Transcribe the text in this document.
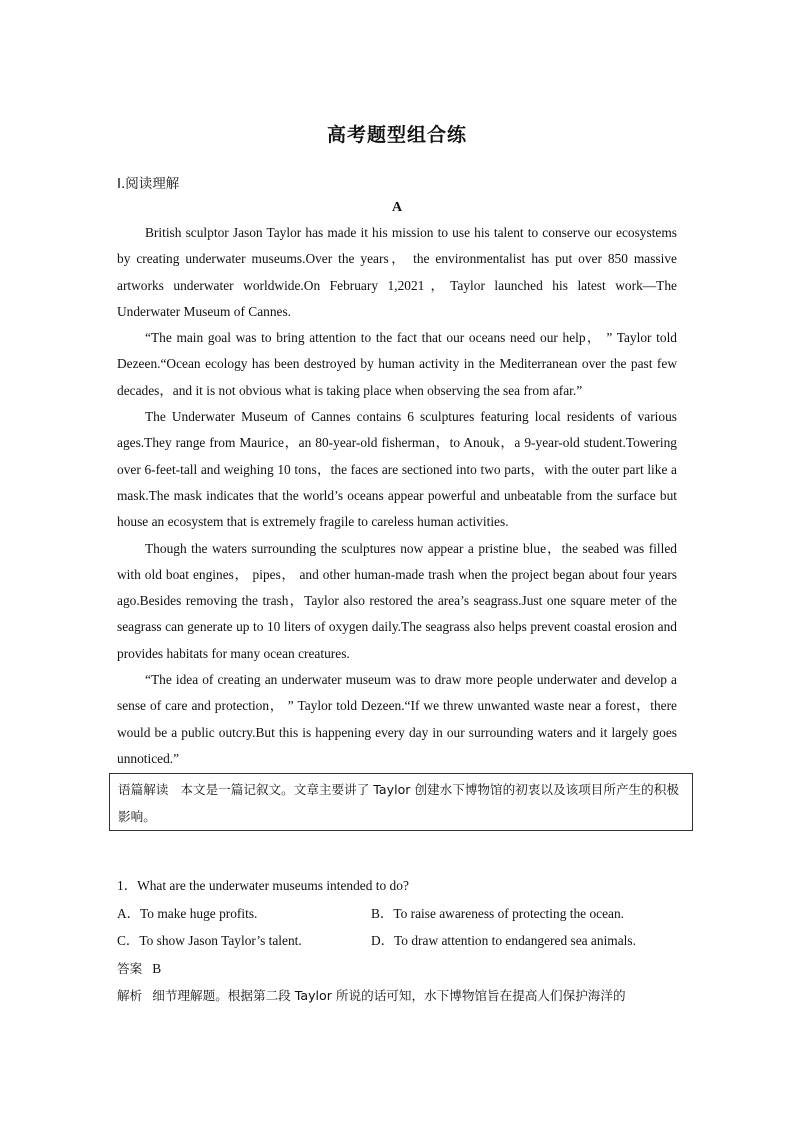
高考题型组合练
Ⅰ.阅读理解
A

British sculptor Jason Taylor has made it his mission to use his talent to conserve our ecosystems by creating underwater museums.Over the years， the environmentalist has put over 850 massive artworks underwater worldwide.On February 1,2021，Taylor launched his latest work—The Underwater Museum of Cannes.

“The main goal was to bring attention to the fact that our oceans need our help， ” Taylor told Dezeen.“Ocean ecology has been destroyed by human activity in the Mediterranean over the past few decades，and it is not obvious what is taking place when observing the sea from afar.”

The Underwater Museum of Cannes contains 6 sculptures featuring local residents of various ages.They range from Maurice，an 80-year-old fisherman，to Anouk，a 9-year-old student.Towering over 6-feet-tall and weighing 10 tons，the faces are sectioned into two parts，with the outer part like a mask.The mask indicates that the world’s oceans appear powerful and unbeatable from the surface but house an ecosystem that is extremely fragile to careless human activities.

Though the waters surrounding the sculptures now appear a pristine blue，the seabed was filled with old boat engines， pipes， and other human-made trash when the project began about four years ago.Besides removing the trash，Taylor also restored the area’s seagrass.Just one square meter of the seagrass can generate up to 10 liters of oxygen daily.The seagrass also helps prevent coastal erosion and provides habitats for many ocean creatures.

“The idea of creating an underwater museum was to draw more people underwater and develop a sense of care and protection， ” Taylor told Dezeen.“If we threw unwanted waste near a forest，there would be a public outcry.But this is happening every day in our surrounding waters and it largely goes unnoticed.”

语篇解读 本文是一篇记叙文。文章主要讲了 Taylor 创建水下博物馆的初衷以及该项目所产生的积极影响。
1．What are the underwater museums intended to do?
A．To make huge profits.	B．To raise awareness of protecting the ocean.
C．To show Jason Taylor’s talent.	D．To draw attention to endangered sea animals.
答案 B
解析 细节理解题。根据第二段 Taylor 所说的话可知，水下博物馆旨在提高人们保护海洋的
